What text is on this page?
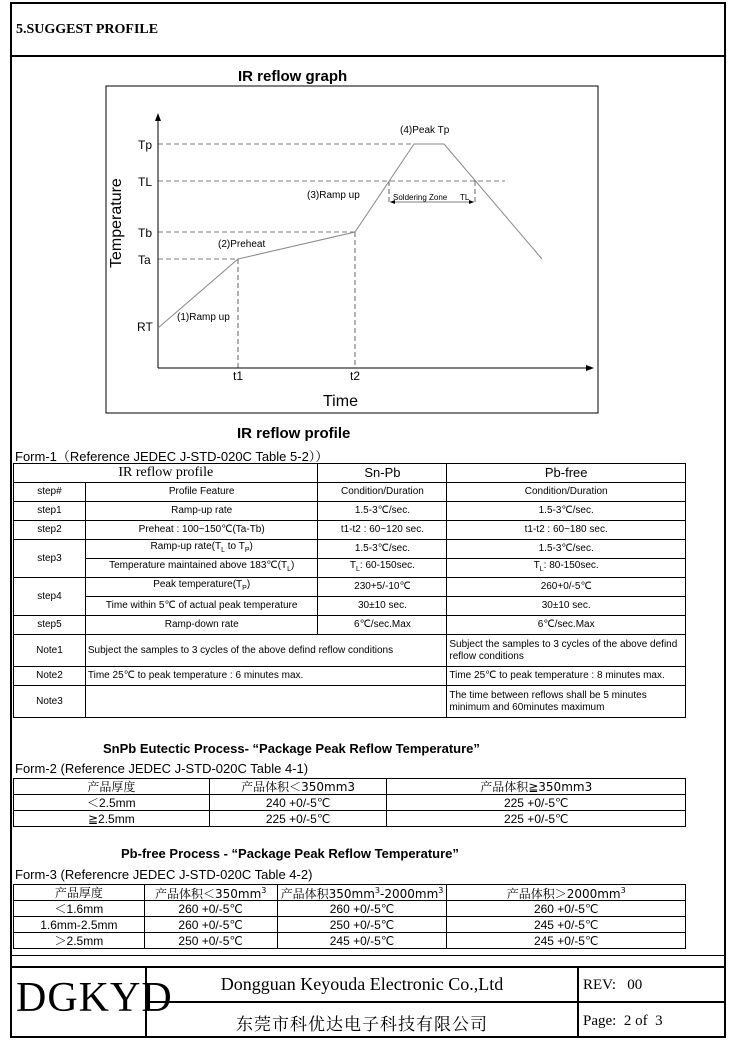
5.SUGGEST PROFILE
IR reflow graph
Tp
TL
Tb
Ta
RT
t1	t2
Time
Temperature
(1)Ramp up
(2)Preheat
(3)Ramp up
(4)Peak Tp
Soldering Zone TL
IR reflow profile
Form-1（Reference JEDEC J-STD-020C Table 5-2））
IR reflow profile		Sn-Pb	Pb-free
step#	Profile Feature	Condition/Duration	Condition/Duration
step1	Ramp-up rate	1.5-3℃/sec.	1.5-3℃/sec.
step2	Preheat : 100~150℃(Ta-Tb)	t1-t2 : 60~120 sec.	t1-t2 : 60~180 sec.
step3	Ramp-up $rate(T_L$ to $T_P$)	1.5-3℃/sec.	1.5-3℃/sec.
	Temperature maintained above $183℃(T_L)$	$T_L$: 60-150sec.	$T_L$: 80-150sec.
step4	Peak $temperature(T_P)$	230+5/-10℃	260+0/-5℃
	Time within 5℃ of actual peak temperature	30±10 sec.	30±10 sec.
step5	Ramp-down rate	6℃/sec.Max	6℃/sec.Max
Note1	Subject the samples to 3 cycles of the above defind reflow conditions		Subject the samples to 3 cycles of the above defind reflow conditions
Note2	Time 25℃ to peak temperature : 6 minutes max.		Time 25℃ to peak temperature : 8 minutes max.
Note3			The time between reflows shall be 5 minutes minimum and 60minutes maximum
SnPb Eutectic Process- “Package Peak Reflow Temperature”
Form-2 (Reference JEDEC J-STD-020C Table 4-1)
产品厚度	产品体积＜350mm3	产品体积≧350mm3
＜2.5mm	240 +0/-5℃	225 +0/-5℃
≧2.5mm	225 +0/-5℃	225 +0/-5℃
Pb-free Process - “Package Peak Reflow Temperature”
Form-3 (Referencre JEDEC J-STD-020C Table 4-2)
产品厚度	产品体积$<350mm^3$	产品体积$350mm^3-2000mm^3$	产品体积$>2000mm^3$
＜1.6mm	260 +0/-5℃	260 +0/-5℃	260 +0/-5℃
1.6mm-2.5mm	260 +0/-5℃	250 +0/-5℃	245 +0/-5℃
＞2.5mm	250 +0/-5℃	245 +0/-5℃	245 +0/-5℃
DGKYD	Dongguan Keyouda Electronic Co.,Ltd
东莞市科优达电子科技有限公司
REV:   00
Page:  2 of  3
